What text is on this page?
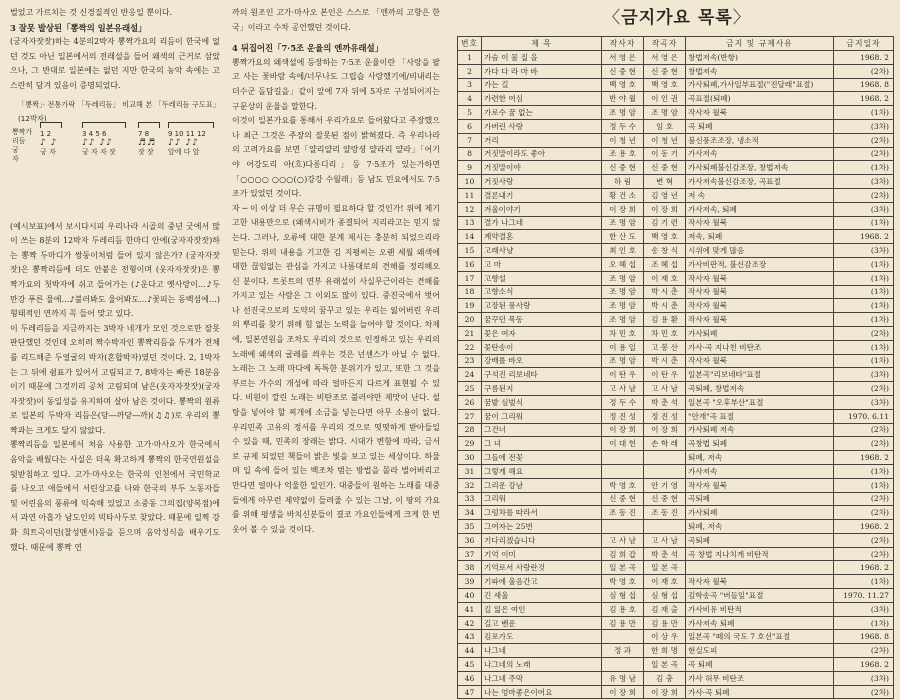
벌었고 가르치는 것 신경질적인 반응일 뿐이다.

3 잘못 발상된「뽕짝의 일본유래설」

(궁자자잣잣)하는 4분의2박자 뽕짝가요의 리듬이 한국에 없던 것도 아닌 일본에서의 전래설을 들어 왜색의 근거로 삼았으나, 그 반대로 일본에는 없던 지만 한국의 농악 속에는 고스란히 담겨 있음이 증명되었다.

「뽕짝」· 전통가락 「두레리듬」 비교해 본 「두레리듬 구도표」 (12박자)
뽕짝가
리듬
궁
자
1 2
♪ ♪
궁 자
3 4 5 6
♪♪ ♪♪
궁 자 자 잣
7 8
♬♬
잣 잣
9 10 11 12
♪♪ ♪♪
앞에 다 앞

(예시보표)에서 보시다시피 우리나라 시골의 중년 굿에서 많이 쓰는 8분의 12박자 두레리듬 한마디 안에(궁자자잣잣)하는 뽕짝 두마디가 쌍둥이처럼 들어 있지 않은가? (궁자자잣잣)은 뽕짝리듬에 더도 안붙은 전형이며 (웃자자잣잣)은 뽕짝가요의 첫박자에 쉬고 들어가는 (♪운다고 옛사랑이…♪두만강 푸른 물에…♪불러봐도 울어봐도…♪꽃피는 동백섬에…)형태적인 연까지 꼭 들어 맞고 있다.

이 두레리듬을 지금까지는 3박자 네개가 모인 것으로만 잘못 판단했던 것인데 오히려 짝수박자인 뽕짝리듬을 두개가 전체를 리드해준 두얼굴의 박자(혼합박자)였던 것이다. 2, 1박자는 그 뒤에 쉼표가 있어서 고림되고 7, 8박자는 빠른 18분음이기 때문에 그것끼리 공처 고림되며 남은(웃자자잣잣)(궁자자잣잣)이 동일성을 유지하며 살아 남은 것이다. 뽕짝의 원류로 일본의 두박자 리듬은(당―까당―까)(♫♫)로 우리의 뽕짝과는 크게도 달지 않았다.

뽕짝리듬을 일본에서 처음 사용한 고가·마사오가 한국에서 음악을 배웠다는 사실은 더욱 확고하게 뽕짝의 한국연원설을 뒷받침하고 있다. 고가·마사오는 한국의 인천에서 국민학교를 나오고 애들에서 서린상고를 나와 한국의 부두 노동자들 및 어린음의 풍류에 익숙해 있었고 소중동 그의집(양복점)에서 과연 아홉가 남도인의 빅타사두로 찾았다. 때문에 일찍 강화 희트곡이던(찰성맨서)등을 듣으며 음악성식을 배우기도 했다. 때문에 뽕짝 연

까의 원조인 고가·마사오 본인은 스스로 「엔까의 고향은 한국」이라고 수차 공언했던 것이다.

4 뒤집어진「7·5조 운율의 엔까유래설」

뽕짝가요의 왜색설에 등장하는 7·5조 운율이란 「사랑을 팔고 사는 꽃바람 속에/너무나도 그립습 사랑했기에/비내리는 더수군 돌담길을」같이 앞에 7자 뒤에 5자로 구성되어지는 구문상의 운율을 말한다.

이것이 일본가요를 통해서 우리가요로 들어왔다고 주장했으나 최근 그것은 주장의 잘못된 점이 밝혀졌다. 즉 우리나라의 고려가요를 보면「얄리얄리 얄랑셩 얄라리 얄라」「어기야 어강도리 아(흐)다롱디리」등 7·5조가 있는가하면「○○○○ ○○○(○)강강 수월래」등 남도 민요에서도 7·5조가 있었던 것이다.

자 ─ 이 이상 더 무슨 규명이 필요하다 할 것인가! 위에 제기고한 내용만으로 (왜색시비가 종결되어 지리라고는 믿지 않는다. 그러나, 오류에 대한 분계 제시는 충분히 되었으리라 믿는다. 위의 내용을 기고한 김 지평씨는 오랜 세월 왜색에 대한 끊임없는 관심을 가지고 나름대로의 견해를 정리해오신 분이다. 트롯트의 연부 유래설이 사실무근이라는 견해를 가지고 있는 사람은 그 이외도 많이 있다. 중진국에서 벗어나 선진국으로의 도약의 꿈꾸고 있는 우리는 잃어버린 우리의 뿌리를 찾기 위해 힘 없는 노력을 늘어야 할 것이다. 차제에, 일본연원을 조차도 우리의 것으로 인정하고 있는 우리의 노래에 왜색의 굴레를 씌우는 것은 넌센스가 아닐 수 없다. 노래는 그 노래 마다에 독특한 분위기가 있고, 또한 그 것을 부르는 가수의 개성에 따라 얼마든지 다르게 표현될 수 있다. 비원이 깔린 노래는 비탄조로 불러야만 제맛이 난다. 설탕을 넣어야 할 찌개에 소금을 넣는다면 아무 소용이 없다. 우리민족 고유의 정서를 우리의 것으로 떳떳하게 받아들일 수 있을 때, 민족의 장래는 밝다. 시대가 변함에 따라, 금서로 규제 되었던 책들이 밝은 빛을 보고 있는 세상이다. 하물며 입 속에 들어 있는 백조차 범는 방법을 몰라 벌어버리고 만다면 얼마나 억울한 일인가. 대중들이 원하는 노래를 대중들에게 아무런 제약없이 들려줄 수 있는 그날, 이 땅의 가요를 위해 평생을 바치신분들이 결코 가요인들에게 크게 한 번 웃어 볼 수 있을 것이다.

〈금지가요 목록〉
번호	제 목	작사자	작곡자	금지 및 규제사유	금지일자
1	가슴 이 물 질 을	서 영 은	서 영 은	창법저속(반항)	1968. 2
2	가다 다 라 마 바	신 중 현	신 중 현	창법저속	(2차)
3	가는 길	백 영 호	백 영 호	가사퇴폐,가사일부표절("진달래"표절)	1968. 8
4	가련한 여심	반 야 월	이 인 권	곡표절(퇴폐)	1968. 2
5	가로수 꿈 없는	조 명 암	조 명 암	작사자 월북	(1차)
6	가버린 사랑	정 두 수	임 호	곡 퇴폐	(3차)
7	거리	이 청 년	이 청 년	불신풍조조장, 냉소적	(2차)
8	거짓말이라도 좋아	조 용 호	이 동 기	가사저속	(2차)
9	거짓말이야	신 중 현	신 중 현	가사퇴폐불신감조장, 창법저속	(1차)
10	거짓사랑	하 림	변 혁	가사저속불신감조장, 곡표절	(3차)
11	결론내기	황 건 소	김 영 년	저 속	(2차)
12	겨울이야기	이 장 희	이 장 희	가사저속, 퇴폐	(3차)
13	결가 나그네	조 명 암	김 기 련	작사자 월북	(1차)
14	계약결혼	한 산 도	백 영 호	저속, 퇴폐	1968. 2
15	고래사냥	최 인 호	송 창 식	시위에 맞게 많음	(3차)
16	고 마	오 혜 섭	조 혜 섭	가사비판적, 불신감조장	(1차)
17	고향설	조 명 암	이 재 호	작사자 월북	(1차)
18	고향소식	조 명 암	박 시 춘	작사자 월북	(1차)
19	고장된 풍사랑	조 명 암	박 시 춘	작사자 월북	(1차)
20	꿈꾸던 목동	조 명 암	김 용 환	작사자 월북	(1차)
21	꽃은 여자	차 민 호	차 민 호	가사퇴폐	(2차)
22	꽃탄송이	이 용 일	고 봉 산	가사·곡 지나친 비탄조	(1차)
23	강배를 바오	조 명 암	박 시 춘	작사자 월북	(1차)
24	구석진 리보네타	이 탄 우	이 탄 우	일본곡"리보네타"표절	(3차)
25	구름된지	고 사 남	고 사 남	곡퇴폐, 창법저속	(2차)
26	꿈밭 심벌식	정 두 수	박 춘 석	일본곡 "오후부산"표절	(3차)
27	꿈이 그리워	정 진 성	정 진 성	"안개"곡 표절	1970. 6.11
28	그건너	이 장 희	이 장 희	가사퇴폐 저속	(2차)
29	그 녀	이 대 헌	손 학 래	곡창법 퇴폐	(2차)
30	그들에 전꽃			퇴폐, 저속	1968. 2
31	그렇게 해요			가사저속	(1차)
32	그리운 강남	박 영 호	안 기 영	작사자 월북	(1차)
33	그리워	신 중 현	신 중 현	곡퇴폐	(2차)
34	그렁차를 따라서	조 동 진	조 동 진	가사퇴폐	(2차)
35	그여자는 25번			퇴폐, 저속	1968. 2
36	기다리겠습니다	고 사 남	고 사 남	곡퇴폐	(2차)
37	기억 이미	김 희 갑	박 춘 석	곡 창법 지나치게 비탄적	(2차)
38	기억로서 사랑란것	일 본 곡	일 본 곡		1968. 2
39	기파에 울음간고	박 영 호	이 재 호	작사자 월북	(1차)
40	긴 세울	심 형 섭	심 형 섭	김학송곡 "버들잎"표절	1970. 11.27
41	길 잃은 여인	김 용 호	김 재 출	가사비유 비탄적	(3차)
42	길고 벤운	김 용 만	김 용 만	가사저속 퇴폐	(1차)
43	김포가도		이 상 우	일본곡 "떼의 국도 7 호선"표절	1968. 8
44	나그네	정 과	한 희 명	현실도피	(2차)
45	나그네의 노래		일 본 곡	곡 퇴폐	1968. 2
46	나그네 주막	유 명 남	김 충	가사 허무 비탄조	(3차)
47	나는 엉마좋은이어요	이 장 희	이 장 희	가사·곡 퇴폐	(2차)
